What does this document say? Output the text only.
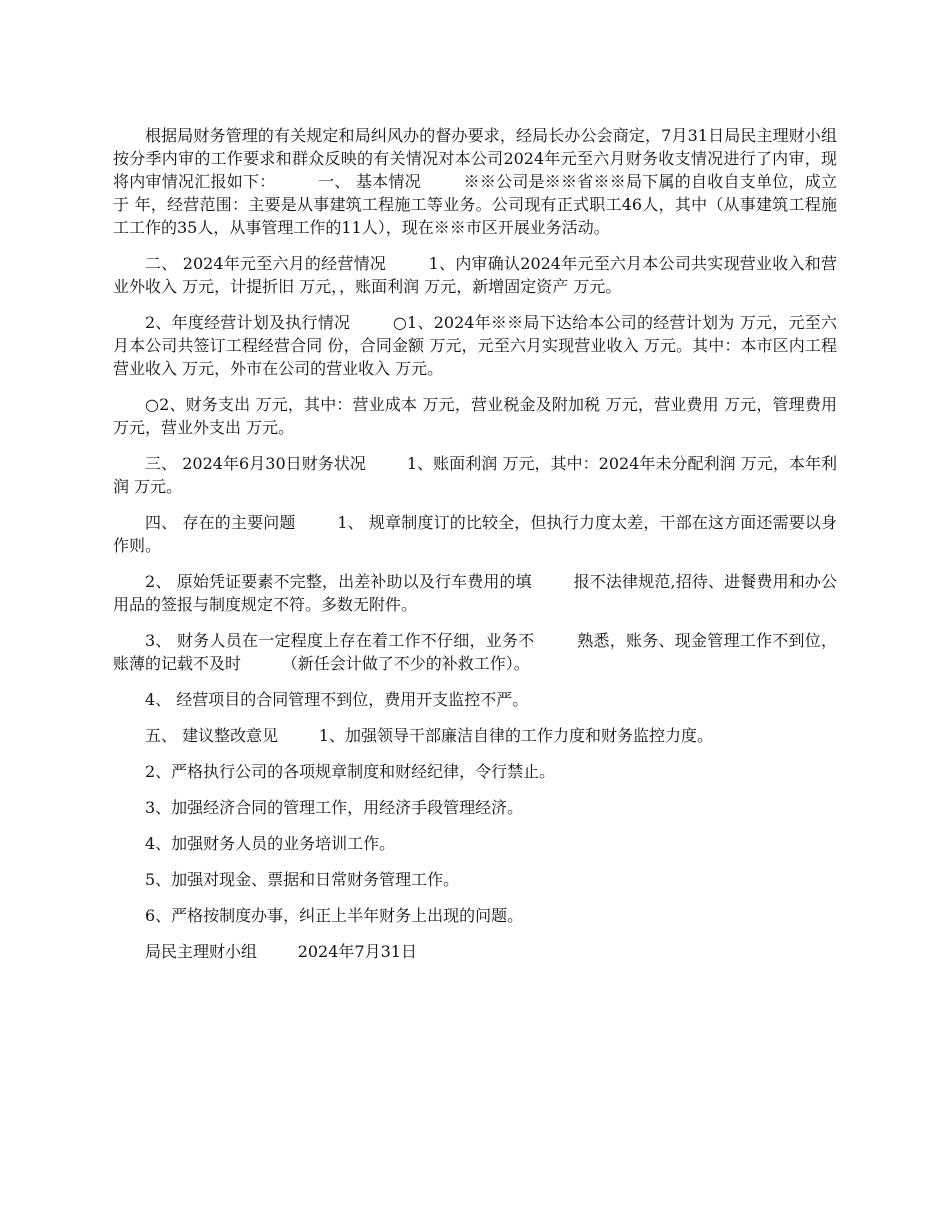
根据局财务管理的有关规定和局纠风办的督办要求，经局长办公会商定，7月31日局民主理财小组按分季内审的工作要求和群众反映的有关情况对本公司2024年元至六月财务收支情况进行了内审，现将内审情况汇报如下：        一、 基本情况        ※※公司是※※省※※局下属的自收自支单位，成立于 年，经营范围：主要是从事建筑工程施工等业务。公司现有正式职工46人，其中（从事建筑工程施工工作的35人，从事管理工作的11人），现在※※市区开展业务活动。

二、 2024年元至六月的经营情况        1、内审确认2024年元至六月本公司共实现营业收入和营业外收入 万元，计提折旧 万元，，账面利润 万元，新增固定资产 万元。

2、年度经营计划及执行情况        ○1、2024年※※局下达给本公司的经营计划为 万元，元至六月本公司共签订工程经营合同 份，合同金额 万元，元至六月实现营业收入 万元。其中：本市区内工程营业收入 万元，外市在公司的营业收入 万元。

○2、财务支出 万元，其中：营业成本 万元，营业税金及附加税 万元，营业费用 万元，管理费用 万元，营业外支出 万元。

三、 2024年6月30日财务状况        1、账面利润 万元，其中：2024年未分配利润 万元，本年利润 万元。

四、 存在的主要问题        1、 规章制度订的比较全，但执行力度太差，干部在这方面还需要以身作则。

2、 原始凭证要素不完整，出差补助以及行车费用的填        报不法律规范,招待、进餐费用和办公用品的签报与制度规定不符。多数无附件。

3、 财务人员在一定程度上存在着工作不仔细，业务不        熟悉，账务、现金管理工作不到位，账薄的记载不及时        （新任会计做了不少的补救工作）。

4、 经营项目的合同管理不到位，费用开支监控不严。

五、 建议整改意见        1、加强领导干部廉洁自律的工作力度和财务监控力度。

2、严格执行公司的各项规章制度和财经纪律，令行禁止。

3、加强经济合同的管理工作，用经济手段管理经济。

4、加强财务人员的业务培训工作。

5、加强对现金、票据和日常财务管理工作。

6、严格按制度办事，纠正上半年财务上出现的问题。

局民主理财小组        2024年7月31日
